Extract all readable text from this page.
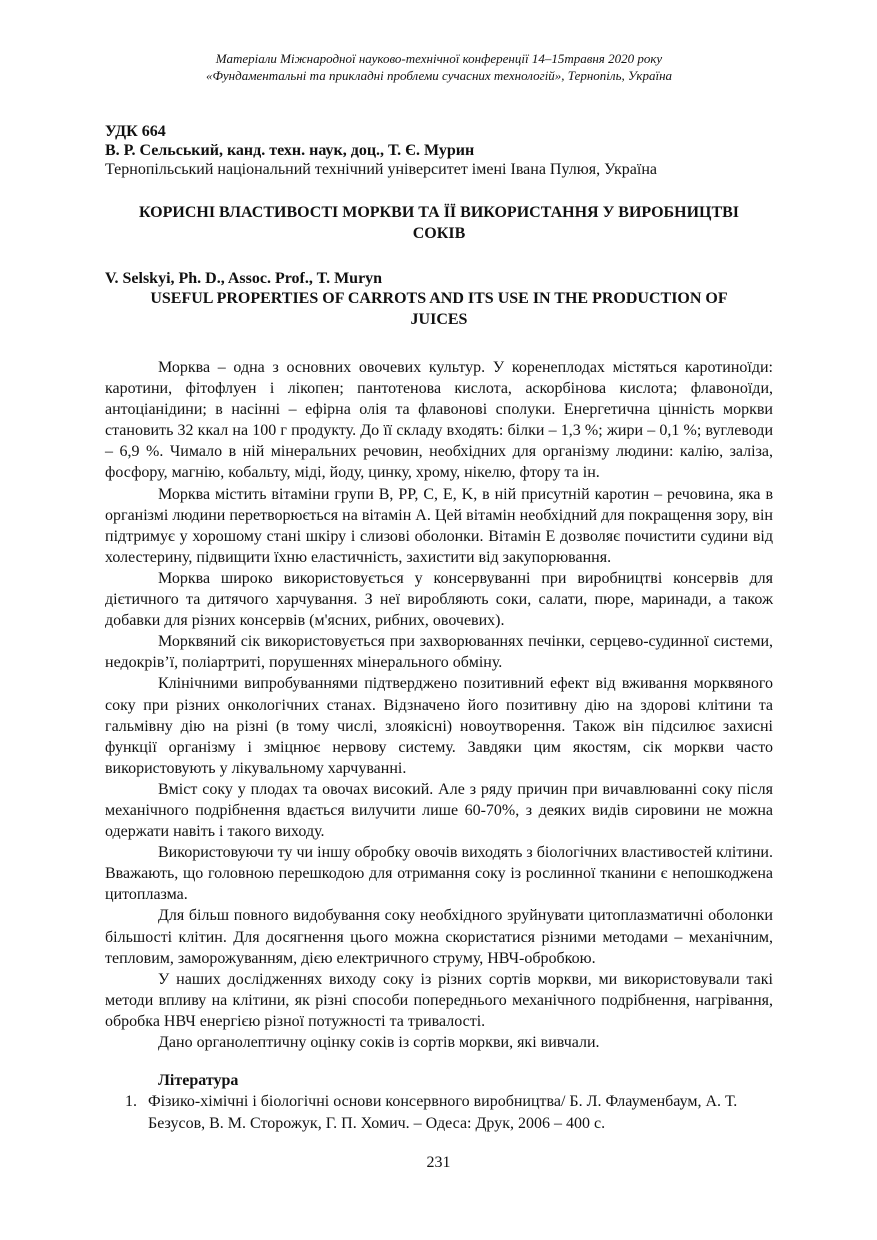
Матеріали Міжнародної науково-технічної конференції 14–15травня 2020 року

«Фундаментальні та прикладні проблеми сучасних технологій», Тернопіль, Україна

УДК 664
В. Р. Сельський, канд. техн. наук, доц., Т. Є. Мурин
Тернопільський національний технічний університет імені Івана Пулюя, Україна
КОРИСНІ ВЛАСТИВОСТІ МОРКВИ ТА ЇЇ ВИКОРИСТАННЯ У ВИРОБНИЦТВІ СОКІВ
V. Selskyi, Ph. D., Assoc. Prof., T. Muryn
USEFUL PROPERTIES OF CARROTS AND ITS USE IN THE PRODUCTION OF JUICES

Морква – одна з основних овочевих культур. У коренеплодах містяться каротиноїди: каротини, фітофлуен і лікопен; пантотенова кислота, аскорбінова кислота; флавоноїди, антоціанідини; в насінні – ефірна олія та флавонові сполуки. Енергетична цінність моркви становить 32 ккал на 100 г продукту. До її складу входять: білки – 1,3 %; жири – 0,1 %; вуглеводи – 6,9 %. Чимало в ній мінеральних речовин, необхідних для організму людини: калію, заліза, фосфору, магнію, кобальту, міді, йоду, цинку, хрому, нікелю, фтору та ін.

Морква містить вітаміни групи B, PP, C, E, K, в ній присутній каротин – речовина, яка в організмі людини перетворюється на вітамін A. Цей вітамін необхідний для покращення зору, він підтримує у хорошому стані шкіру і слизові оболонки. Вітамін E дозволяє почистити судини від холестерину, підвищити їхню еластичність, захистити від закупорювання.

Морква широко використовується у консервуванні при виробництві консервів для дієтичного та дитячого харчування. З неї виробляють соки, салати, пюре, маринади, а також добавки для різних консервів (м'ясних, рибних, овочевих).

Морквяний сік використовується при захворюваннях печінки, серцево-судинної системи, недокрів’ї, поліартриті, порушеннях мінерального обміну.

Клінічними випробуваннями підтверджено позитивний ефект від вживання морквяного соку при різних онкологічних станах. Відзначено його позитивну дію на здорові клітини та гальмівну дію на різні (в тому числі, злоякісні) новоутворення. Також він підсилює захисні функції організму і зміцнює нервову систему. Завдяки цим якостям, сік моркви часто використовують у лікувальному харчуванні.

Вміст соку у плодах та овочах високий. Але з ряду причин при вичавлюванні соку після механічного подрібнення вдається вилучити лише 60-70%, з деяких видів сировини не можна одержати навіть і такого виходу.

Використовуючи ту чи іншу обробку овочів виходять з біологічних властивостей клітини. Вважають, що головною перешкодою для отримання соку із рослинної тканини є непошкоджена цитоплазма.

Для більш повного видобування соку необхідного зруйнувати цитоплазматичні оболонки більшості клітин. Для досягнення цього можна скористатися різними методами – механічним, тепловим, заморожуванням, дією електричного струму, НВЧ-обробкою.

У наших дослідженнях виходу соку із різних сортів моркви, ми використовували такі методи впливу на клітини, як різні способи попереднього механічного подрібнення, нагрівання, обробка НВЧ енергією різної потужності та тривалості.

Дано органолептичну оцінку соків із сортів моркви, які вивчали.

Література
1. Фізико-хімічні і біологічні основи консервного виробництва/ Б. Л. Флауменбаум, А. Т. Безусов, В. М. Сторожук, Г. П. Хомич. – Одеса: Друк, 2006 – 400 с.
231
